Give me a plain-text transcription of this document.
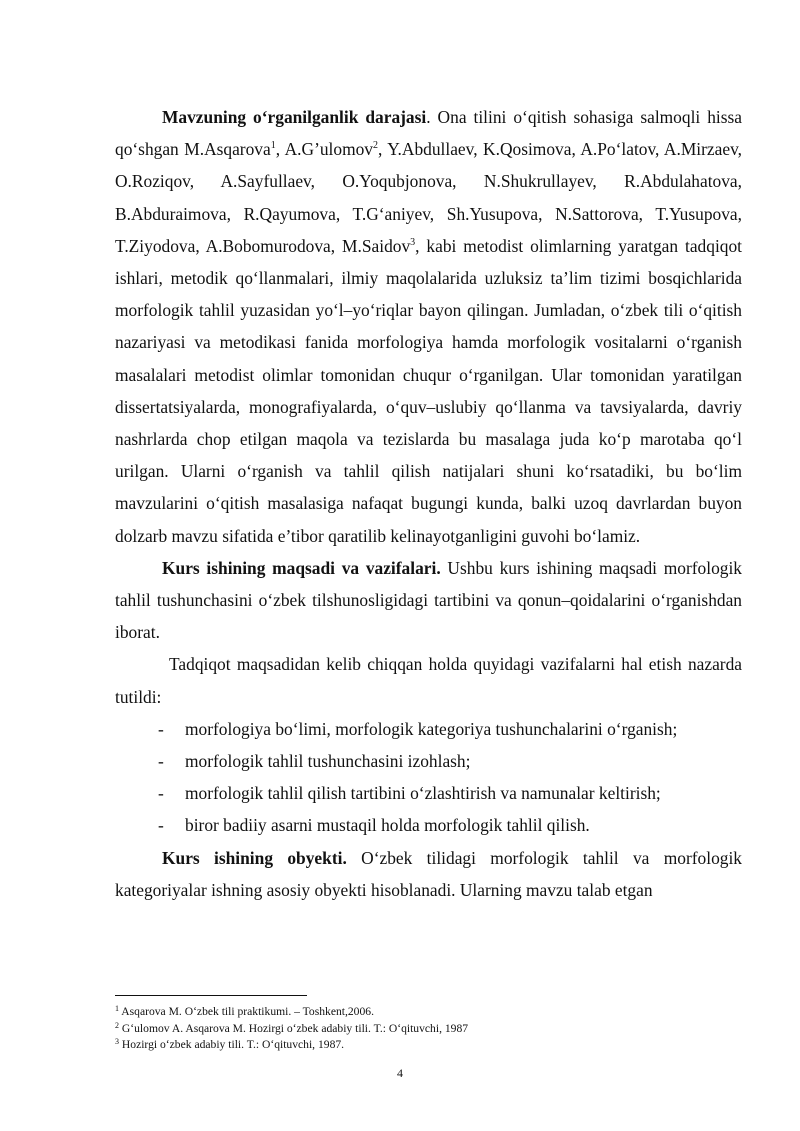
Mavzuning o‘rganilganlik darajasi. Ona tilini o‘qitish sohasiga salmoqli hissa qo‘shgan M.Asqarova$^1$, A.G’ulomov$^2$, Y.Abdullaev, K.Qosimova, A.Po‘latov, A.Mirzaev, O.Roziqov, A.Sayfullaev, O.Yoqubjonova, N.Shukrullayev, R.Abdulahatova, B.Abduraimova, R.Qayumova, T.G‘aniyev, Sh.Yusupova, N.Sattorova, T.Yusupova, T.Ziyodova, A.Bobomurodova, M.Saidov$^3$, kabi metodist olimlarning yaratgan tadqiqot ishlari, metodik qo‘llanmalari, ilmiy maqolalarida uzluksiz ta’lim tizimi bosqichlarida morfologik tahlil yuzasidan yo‘l–yo‘riqlar bayon qilingan. Jumladan, o‘zbek tili o‘qitish nazariyasi va metodikasi fanida morfologiya hamda morfologik vositalarni o‘rganish masalalari metodist olimlar tomonidan chuqur o‘rganilgan. Ular tomonidan yaratilgan dissertatsiyalarda, monografiyalarda, o‘quv–uslubiy qo‘llanma va tavsiyalarda, davriy nashrlarda chop etilgan maqola va tezislarda bu masalaga juda ko‘p marotaba qo‘l urilgan. Ularni o‘rganish va tahlil qilish natijalari shuni ko‘rsatadiki, bu bo‘lim mavzularini o‘qitish masalasiga nafaqat bugungi kunda, balki uzoq davrlardan buyon dolzarb mavzu sifatida e’tibor qaratilib kelinayotganligini guvohi bo‘lamiz.

Kurs ishining maqsadi va vazifalari. Ushbu kurs ishining maqsadi morfologik tahlil tushunchasini o‘zbek tilshunosligidagi tartibini va qonun–qoidalarini o‘rganishdan iborat.

Tadqiqot maqsadidan kelib chiqqan holda quyidagi vazifalarni hal etish nazarda tutildi:

- morfologiya bo‘limi, morfologik kategoriya tushunchalarini o‘rganish;
- morfologik tahlil tushunchasini izohlash;
- morfologik tahlil qilish tartibini o‘zlashtirish va namunalar keltirish;
- biror badiiy asarni mustaqil holda morfologik tahlil qilish.

Kurs ishining obyekti. O‘zbek tilidagi morfologik tahlil va morfologik kategoriyalar ishning asosiy obyekti hisoblanadi. Ularning mavzu talab etgan

$^1$ Asqarova M. O‘zbek tili praktikumi. – Toshkent,2006.
$^2$ G‘ulomov A. Asqarova M. Hozirgi o‘zbek adabiy tili. T.: O‘qituvchi, 1987
$^3$ Hozirgi o‘zbek adabiy tili. T.: O‘qituvchi, 1987.
4
